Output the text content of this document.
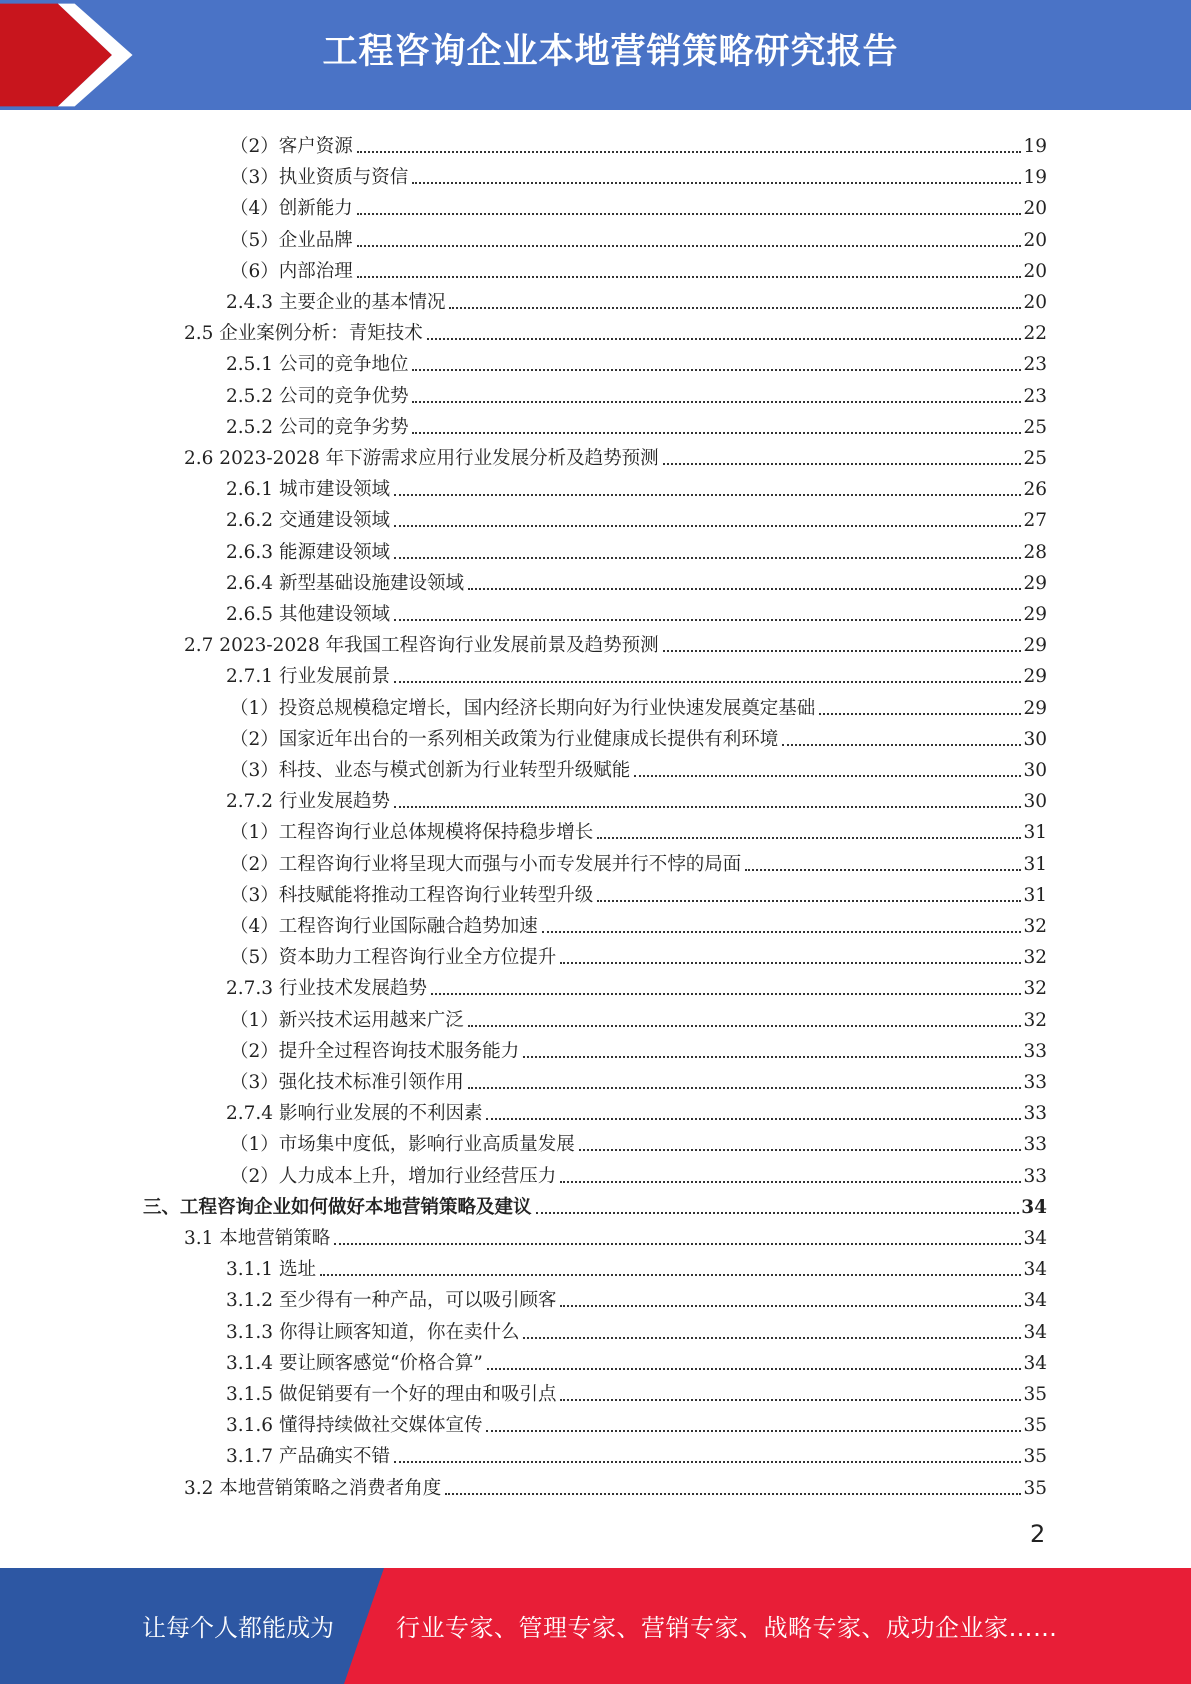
工程咨询企业本地营销策略研究报告
（2）客户资源	19
（3）执业资质与资信	19
（4）创新能力	20
（5）企业品牌	20
（6）内部治理	20
2.4.3 主要企业的基本情况	20
2.5 企业案例分析：青矩技术	22
2.5.1 公司的竞争地位	23
2.5.2 公司的竞争优势	23
2.5.2 公司的竞争劣势	25
2.6 2023-2028 年下游需求应用行业发展分析及趋势预测	25
2.6.1 城市建设领域	26
2.6.2 交通建设领域	27
2.6.3 能源建设领域	28
2.6.4 新型基础设施建设领域	29
2.6.5 其他建设领域	29
2.7 2023-2028 年我国工程咨询行业发展前景及趋势预测	29
2.7.1 行业发展前景	29
（1）投资总规模稳定增长，国内经济长期向好为行业快速发展奠定基础	29
（2）国家近年出台的一系列相关政策为行业健康成长提供有利环境	30
（3）科技、业态与模式创新为行业转型升级赋能	30
2.7.2 行业发展趋势	30
（1）工程咨询行业总体规模将保持稳步增长	31
（2）工程咨询行业将呈现大而强与小而专发展并行不悖的局面	31
（3）科技赋能将推动工程咨询行业转型升级	31
（4）工程咨询行业国际融合趋势加速	32
（5）资本助力工程咨询行业全方位提升	32
2.7.3 行业技术发展趋势	32
（1）新兴技术运用越来广泛	32
（2）提升全过程咨询技术服务能力	33
（3）强化技术标准引领作用	33
2.7.4 影响行业发展的不利因素	33
（1）市场集中度低，影响行业高质量发展	33
（2）人力成本上升，增加行业经营压力	33
三、工程咨询企业如何做好本地营销策略及建议	34
3.1 本地营销策略	34
3.1.1 选址	34
3.1.2 至少得有一种产品，可以吸引顾客	34
3.1.3 你得让顾客知道，你在卖什么	34
3.1.4 要让顾客感觉“价格合算”	34
3.1.5 做促销要有一个好的理由和吸引点	35
3.1.6 懂得持续做社交媒体宣传	35
3.1.7 产品确实不错	35
3.2 本地营销策略之消费者角度	35
2
让每个人都能成为	行业专家、管理专家、营销专家、战略专家、成功企业家……
